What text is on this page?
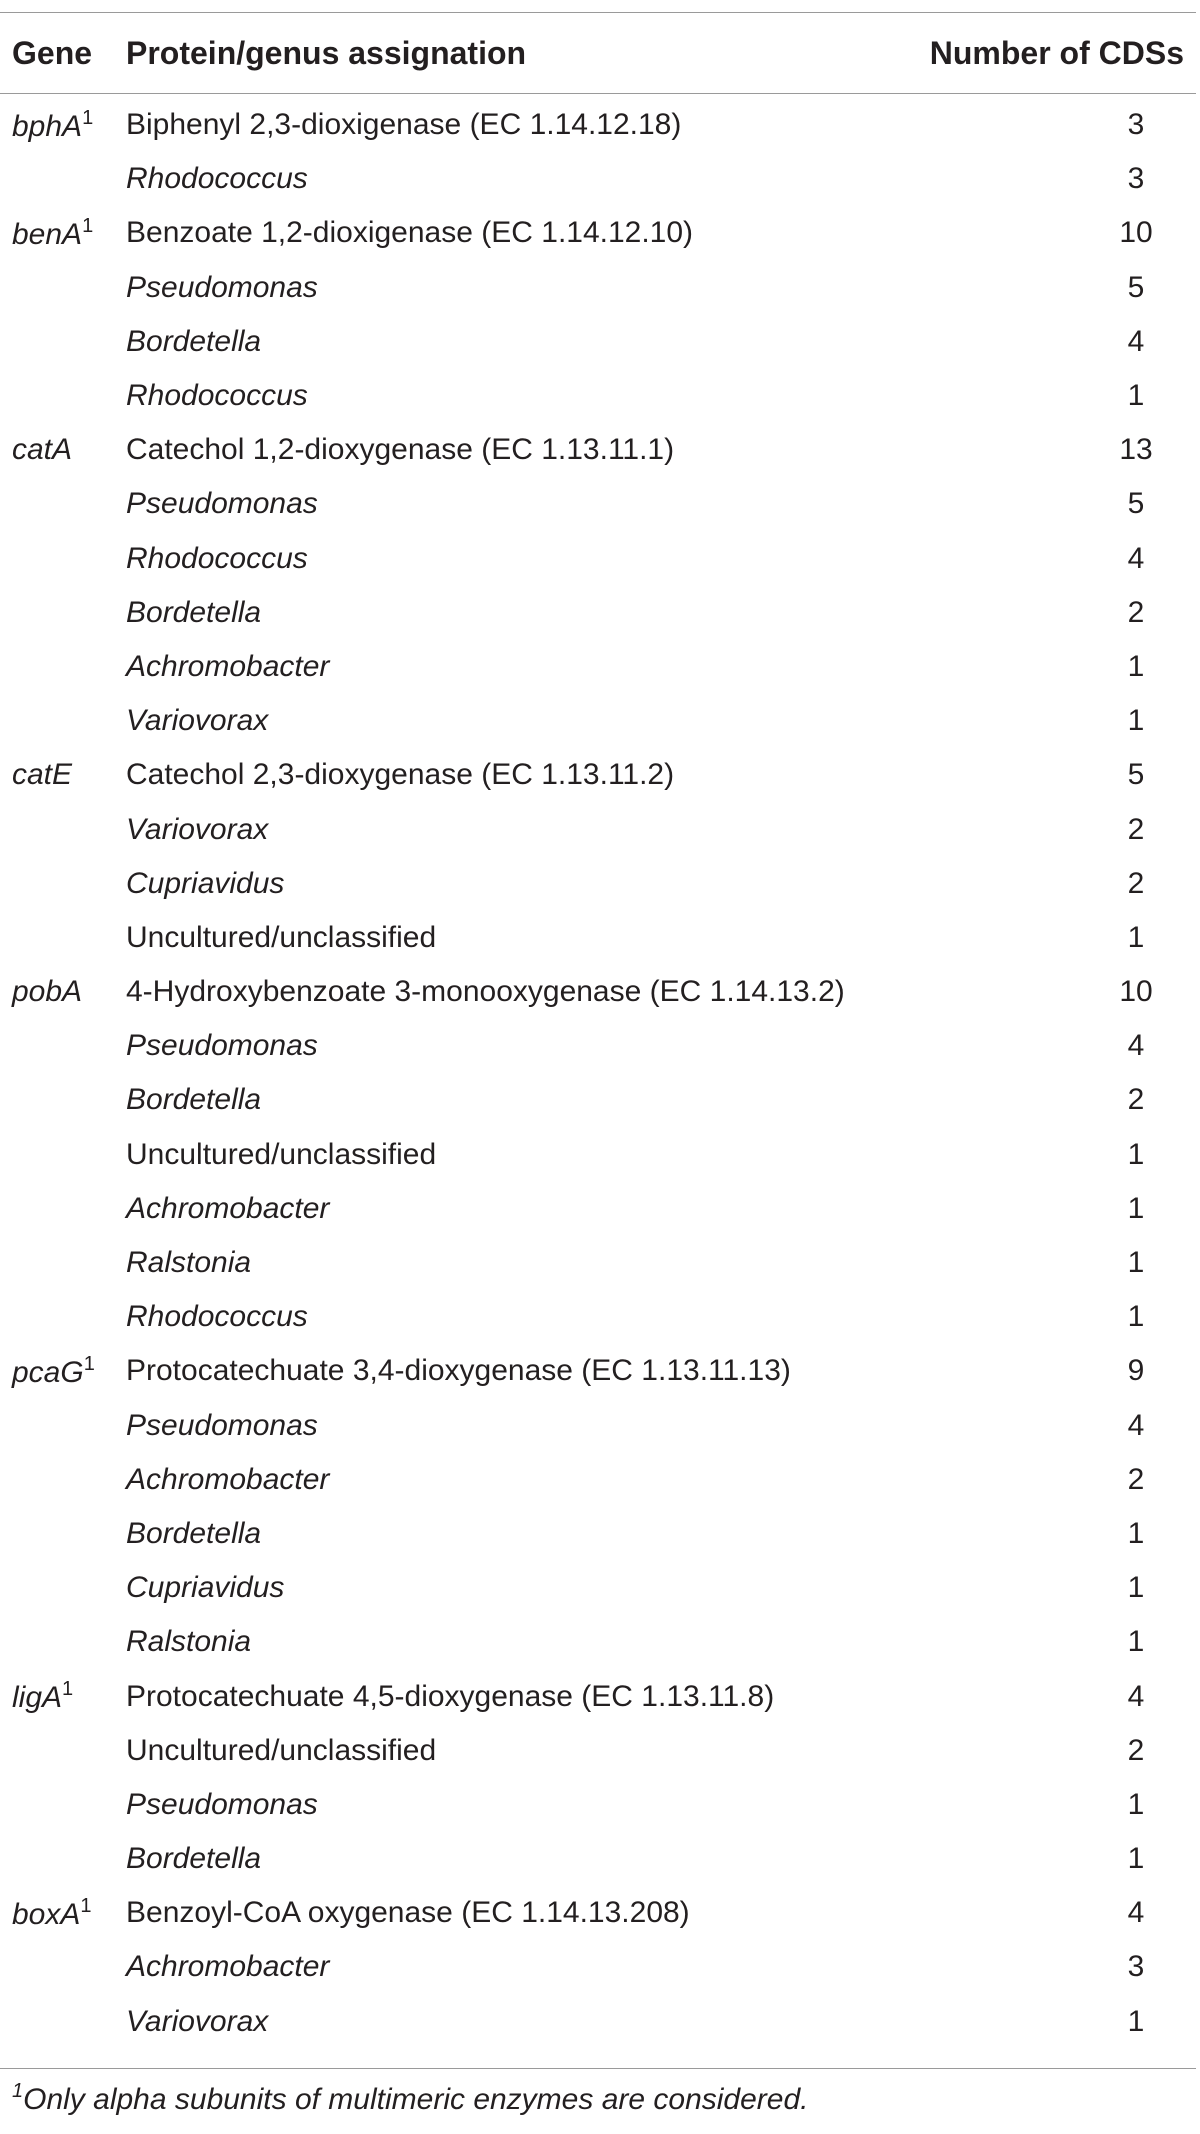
Gene	Protein/genus assignation	Number of CDSs
bphA$^1$	Biphenyl 2,3-dioxigenase (EC 1.14.12.18)	3
	Rhodococcus	3
benA$^1$	Benzoate 1,2-dioxigenase (EC 1.14.12.10)	10
	Pseudomonas	5
	Bordetella	4
	Rhodococcus	1
catA	Catechol 1,2-dioxygenase (EC 1.13.11.1)	13
	Pseudomonas	5
	Rhodococcus	4
	Bordetella	2
	Achromobacter	1
	Variovorax	1
catE	Catechol 2,3-dioxygenase (EC 1.13.11.2)	5
	Variovorax	2
	Cupriavidus	2
	Uncultured/unclassified	1
pobA	4-Hydroxybenzoate 3-monooxygenase (EC 1.14.13.2)	10
	Pseudomonas	4
	Bordetella	2
	Uncultured/unclassified	1
	Achromobacter	1
	Ralstonia	1
	Rhodococcus	1
pcaG$^1$	Protocatechuate 3,4-dioxygenase (EC 1.13.11.13)	9
	Pseudomonas	4
	Achromobacter	2
	Bordetella	1
	Cupriavidus	1
	Ralstonia	1
ligA$^1$	Protocatechuate 4,5-dioxygenase (EC 1.13.11.8)	4
	Uncultured/unclassified	2
	Pseudomonas	1
	Bordetella	1
boxA$^1$	Benzoyl-CoA oxygenase (EC 1.14.13.208)	4
	Achromobacter	3
	Variovorax	1
$^1$Only alpha subunits of multimeric enzymes are considered.
